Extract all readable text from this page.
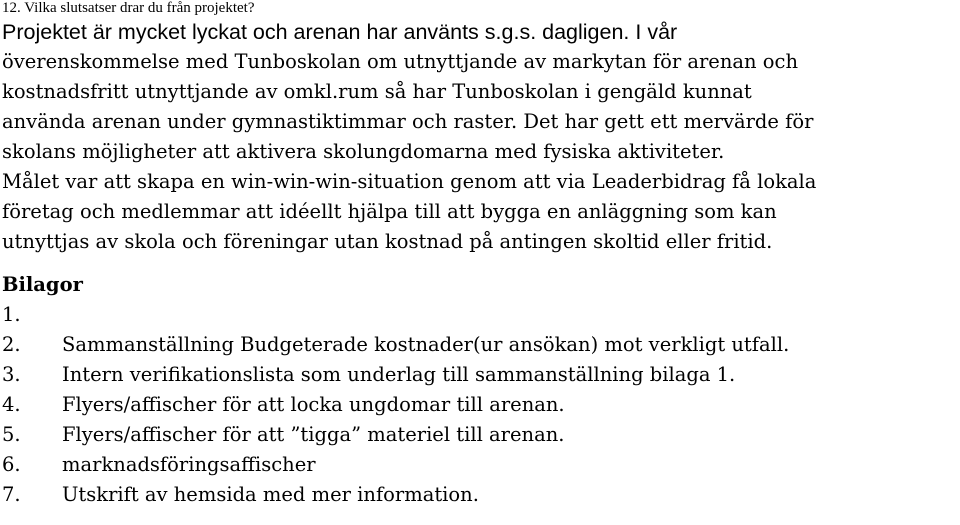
12. Vilka slutsatser drar du från projektet?

Projektet är mycket lyckat och arenan har använts s.g.s. dagligen. I vår
överenskommelse med Tunboskolan om utnyttjande av markytan för arenan och
kostnadsfritt utnyttjande av omkl.rum så har Tunboskolan i gengäld kunnat
använda arenan under gymnastiktimmar och raster. Det har gett ett mervärde för
skolans möjligheter att aktivera skolungdomarna med fysiska aktiviteter.
Målet var att skapa en win-win-win-situation genom att via Leaderbidrag få lokala
företag och medlemmar att idéellt hjälpa till att bygga en anläggning som kan
utnyttjas av skola och föreningar utan kostnad på antingen skoltid eller fritid.
Bilagor
1.
2.	Sammanställning Budgeterade kostnader(ur ansökan) mot verkligt utfall.
3.	Intern verifikationslista som underlag till sammanställning bilaga 1.
4.	Flyers/affischer för att locka ungdomar till arenan.
5.	Flyers/affischer för att ”tigga” materiel till arenan.
6.	marknadsföringsaffischer
7.	Utskrift av hemsida med mer information.
